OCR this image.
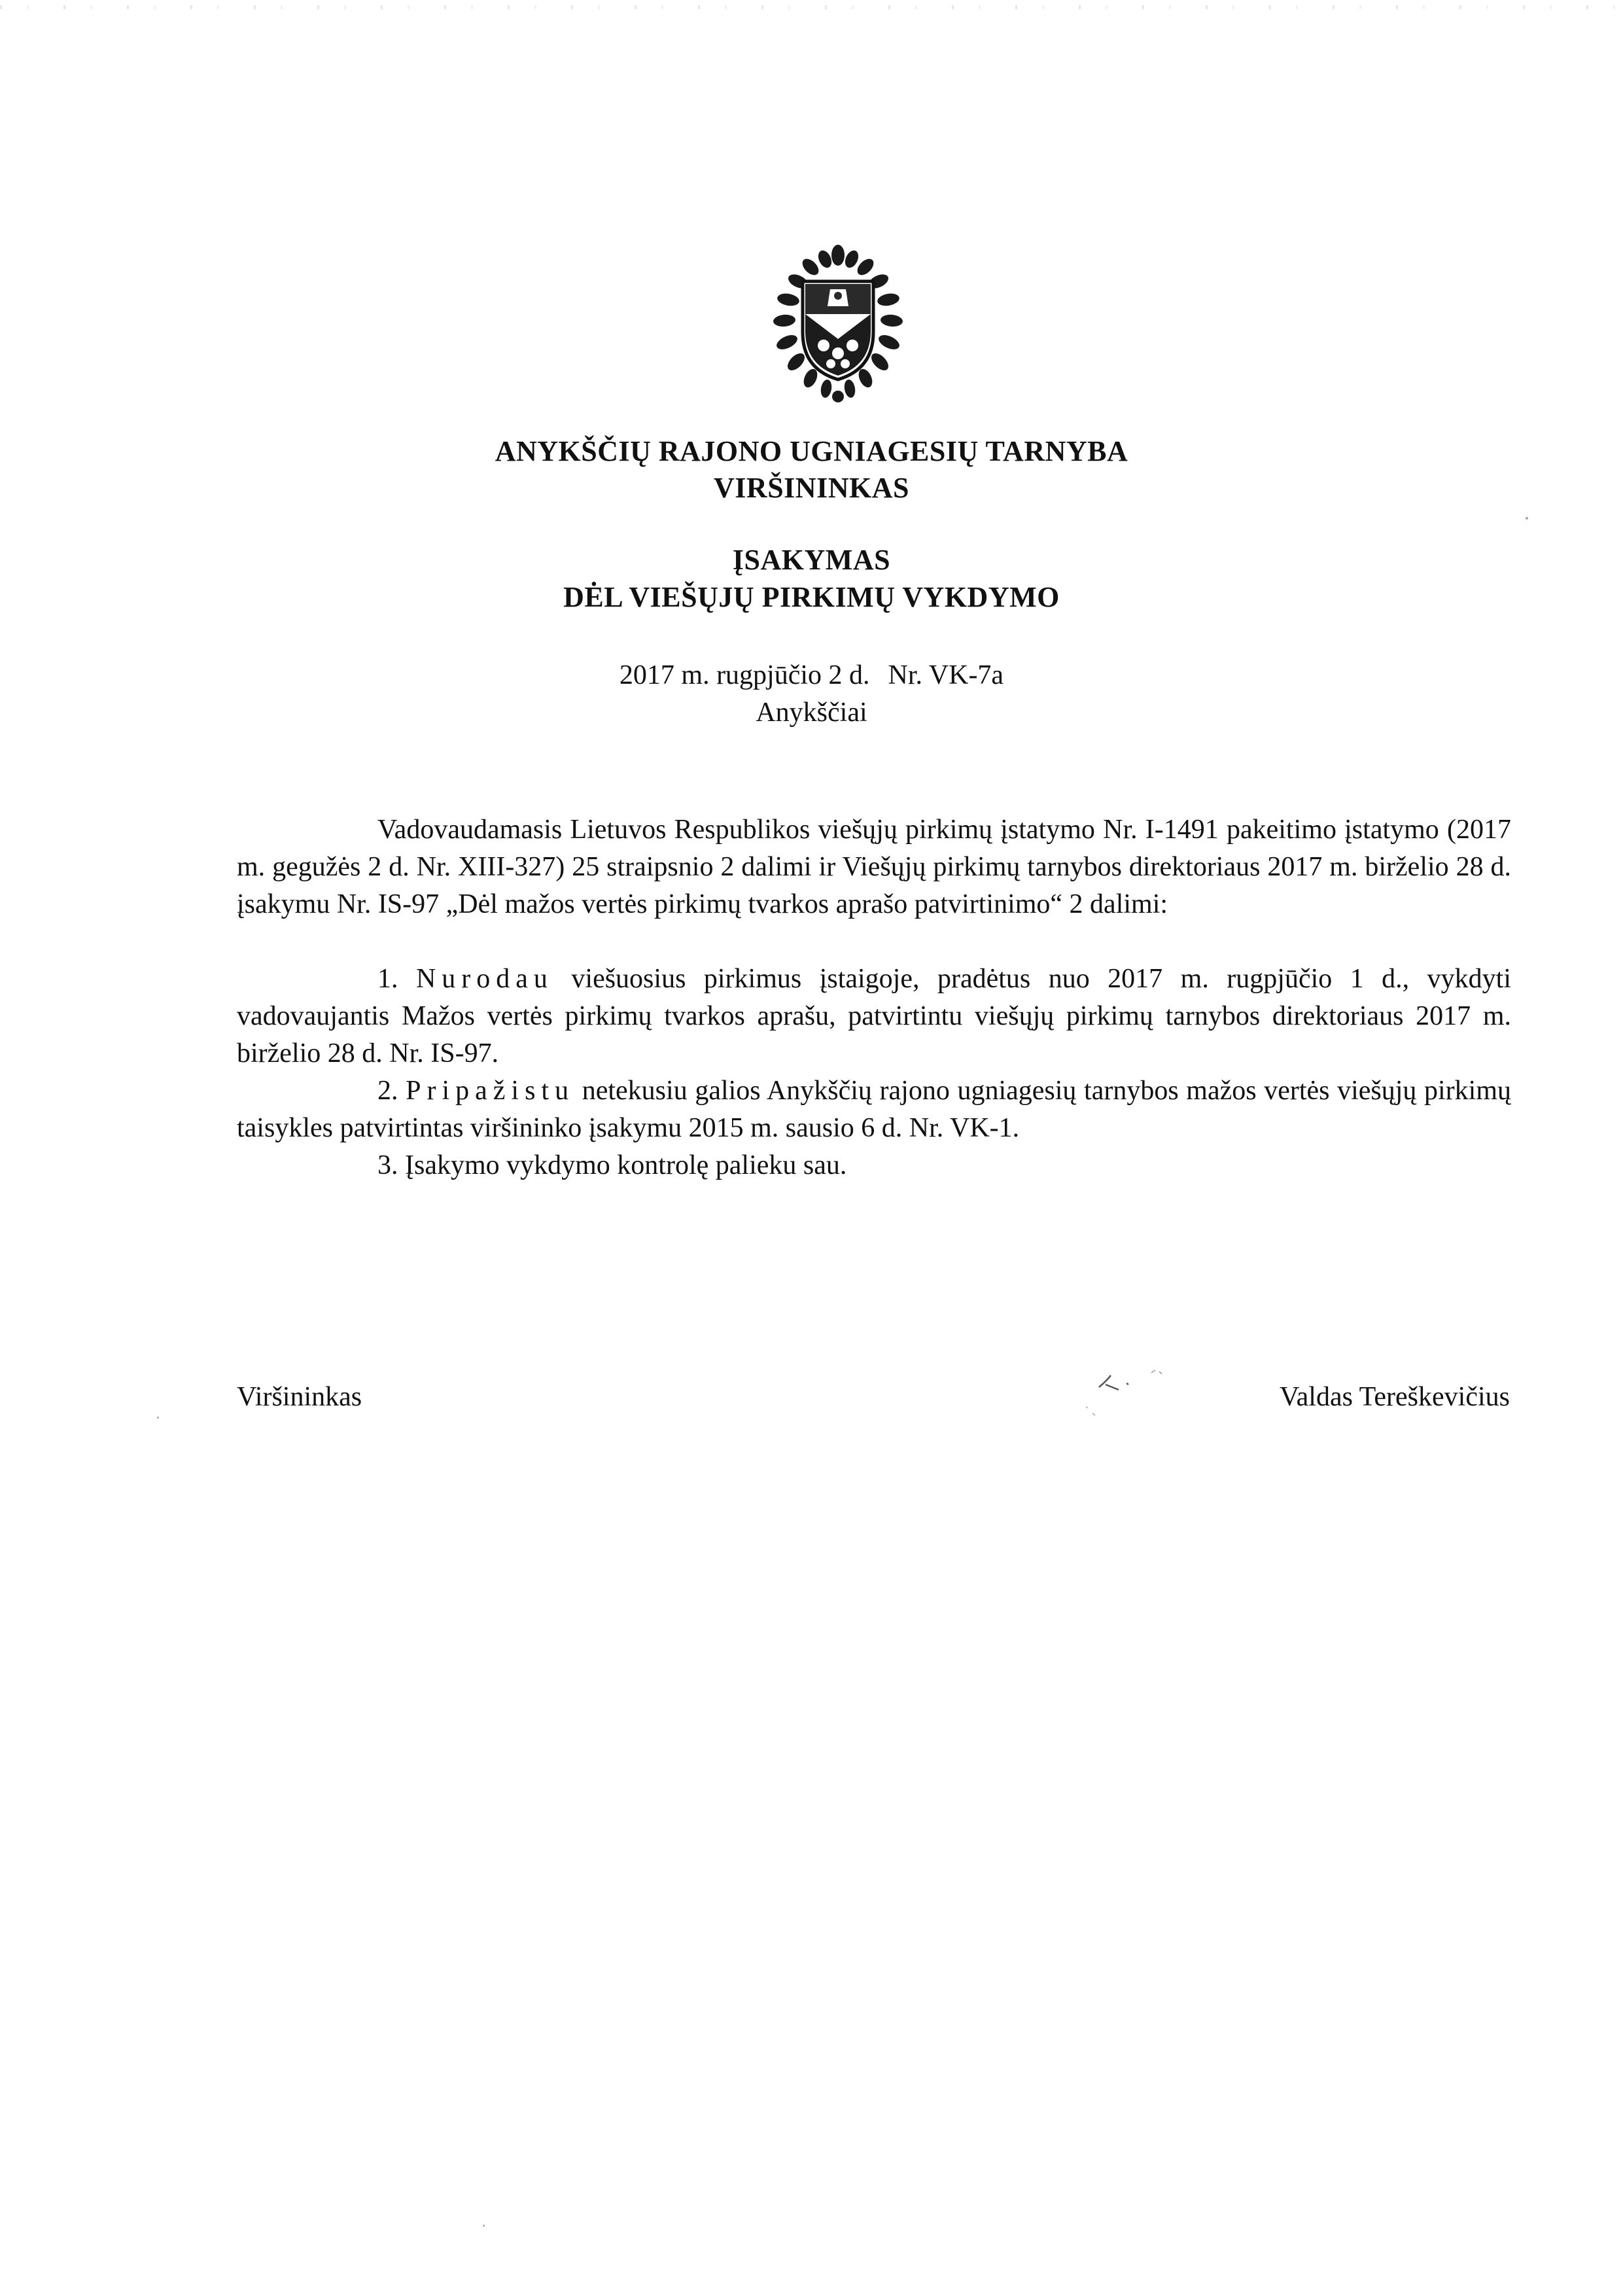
ANYKŠČIŲ RAJONO UGNIAGESIŲ TARNYBA
VIRŠININKAS
ĮSAKYMAS
DĖL VIEŠŲJŲ PIRKIMŲ VYKDYMO
2017 m. rugpjūčio 2 d. Nr. VK-7a
Anykščiai

Vadovaudamasis Lietuvos Respublikos viešųjų pirkimų įstatymo Nr. I-1491 pakeitimo įstatymo (2017 m. gegužės 2 d. Nr. XIII-327) 25 straipsnio 2 dalimi ir Viešųjų pirkimų tarnybos direktoriaus 2017 m. birželio 28 d. įsakymu Nr. IS-97 „Dėl mažos vertės pirkimų tvarkos aprašo patvirtinimo“ 2 dalimi:

1. Nurodau viešuosius pirkimus įstaigoje, pradėtus nuo 2017 m. rugpjūčio 1 d., vykdyti vadovaujantis Mažos vertės pirkimų tvarkos aprašu, patvirtintu viešųjų pirkimų tarnybos direktoriaus 2017 m. birželio 28 d. Nr. IS-97.

2. Pripažistu netekusiu galios Anykščių rajono ugniagesių tarnybos mažos vertės viešųjų pirkimų taisykles patvirtintas viršininko įsakymu 2015 m. sausio 6 d. Nr. VK-1.

3. Įsakymo vykdymo kontrolę palieku sau.

Viršininkas	Valdas Tereškevičius
